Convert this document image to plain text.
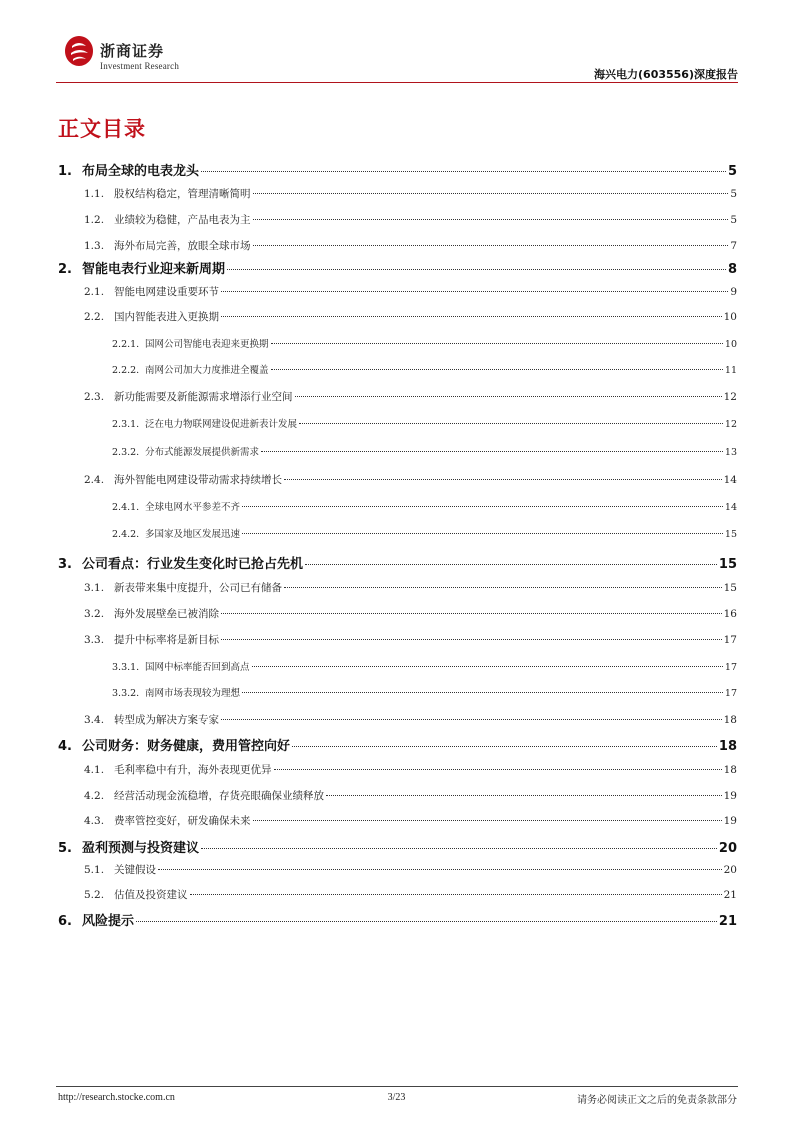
浙商证券
Investment Research
海兴电力(603556)深度报告
正文目录
1. 布局全球的电表龙头	5
1.1. 股权结构稳定，管理清晰简明	5
1.2. 业绩较为稳健，产品电表为主	5
1.3. 海外布局完善，放眼全球市场	7
2. 智能电表行业迎来新周期	8
2.1. 智能电网建设重要环节	9
2.2. 国内智能表进入更换期	10
2.2.1. 国网公司智能电表迎来更换期	10
2.2.2. 南网公司加大力度推进全覆盖	11
2.3. 新功能需要及新能源需求增添行业空间	12
2.3.1. 泛在电力物联网建设促进新表计发展	12
2.3.2. 分布式能源发展提供新需求	13
2.4. 海外智能电网建设带动需求持续增长	14
2.4.1. 全球电网水平参差不齐	14
2.4.2. 多国家及地区发展迅速	15
3. 公司看点：行业发生变化时已抢占先机	15
3.1. 新表带来集中度提升，公司已有储备	15
3.2. 海外发展壁垒已被消除	16
3.3. 提升中标率将是新目标	17
3.3.1. 国网中标率能否回到高点	17
3.3.2. 南网市场表现较为理想	17
3.4. 转型成为解决方案专家	18
4. 公司财务：财务健康，费用管控向好	18
4.1. 毛利率稳中有升，海外表现更优异	18
4.2. 经营活动现金流稳增，存货亮眼确保业绩释放	19
4.3. 费率管控变好，研发确保未来	19
5. 盈利预测与投资建议	20
5.1. 关键假设	20
5.2. 估值及投资建议	21
6. 风险提示	21
http://research.stocke.com.cn	3/23	请务必阅读正文之后的免责条款部分
